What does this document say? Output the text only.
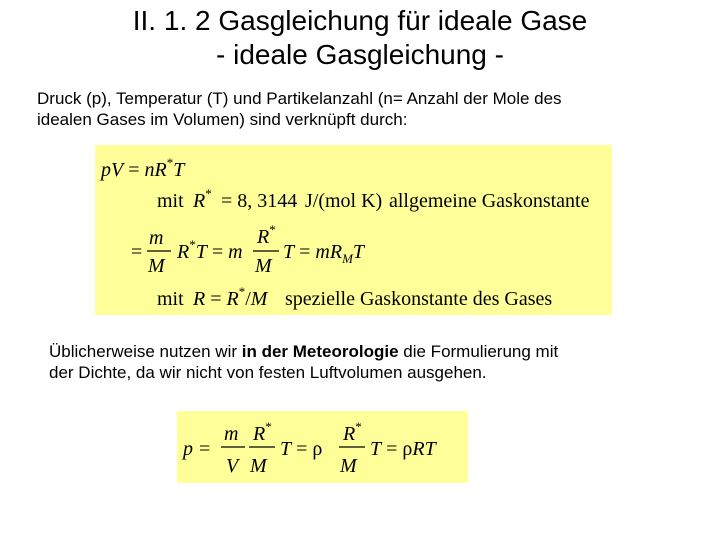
II. 1. 2 Gasgleichung für ideale Gase
- ideale Gasgleichung -
Druck (p), Temperatur (T) und Partikelanzahl (n= Anzahl der Mole des
idealen Gases im Volumen) sind verknüpft durch:
pV = nR*T
mit R* = 8, 3144 J/(mol K) allgemeine Gaskonstante
=
m
M
R*T = m
R*
M
$T = mR_MT$
mit R = R*/M spezielle Gaskonstante des Gases
Üblicherweise nutzen wir in der Meteorologie die Formulierung mit
der Dichte, da wir nicht von festen Luftvolumen ausgehen.
p =
m
V
R*
M
T = ρ
R*
M
T = ρRT
